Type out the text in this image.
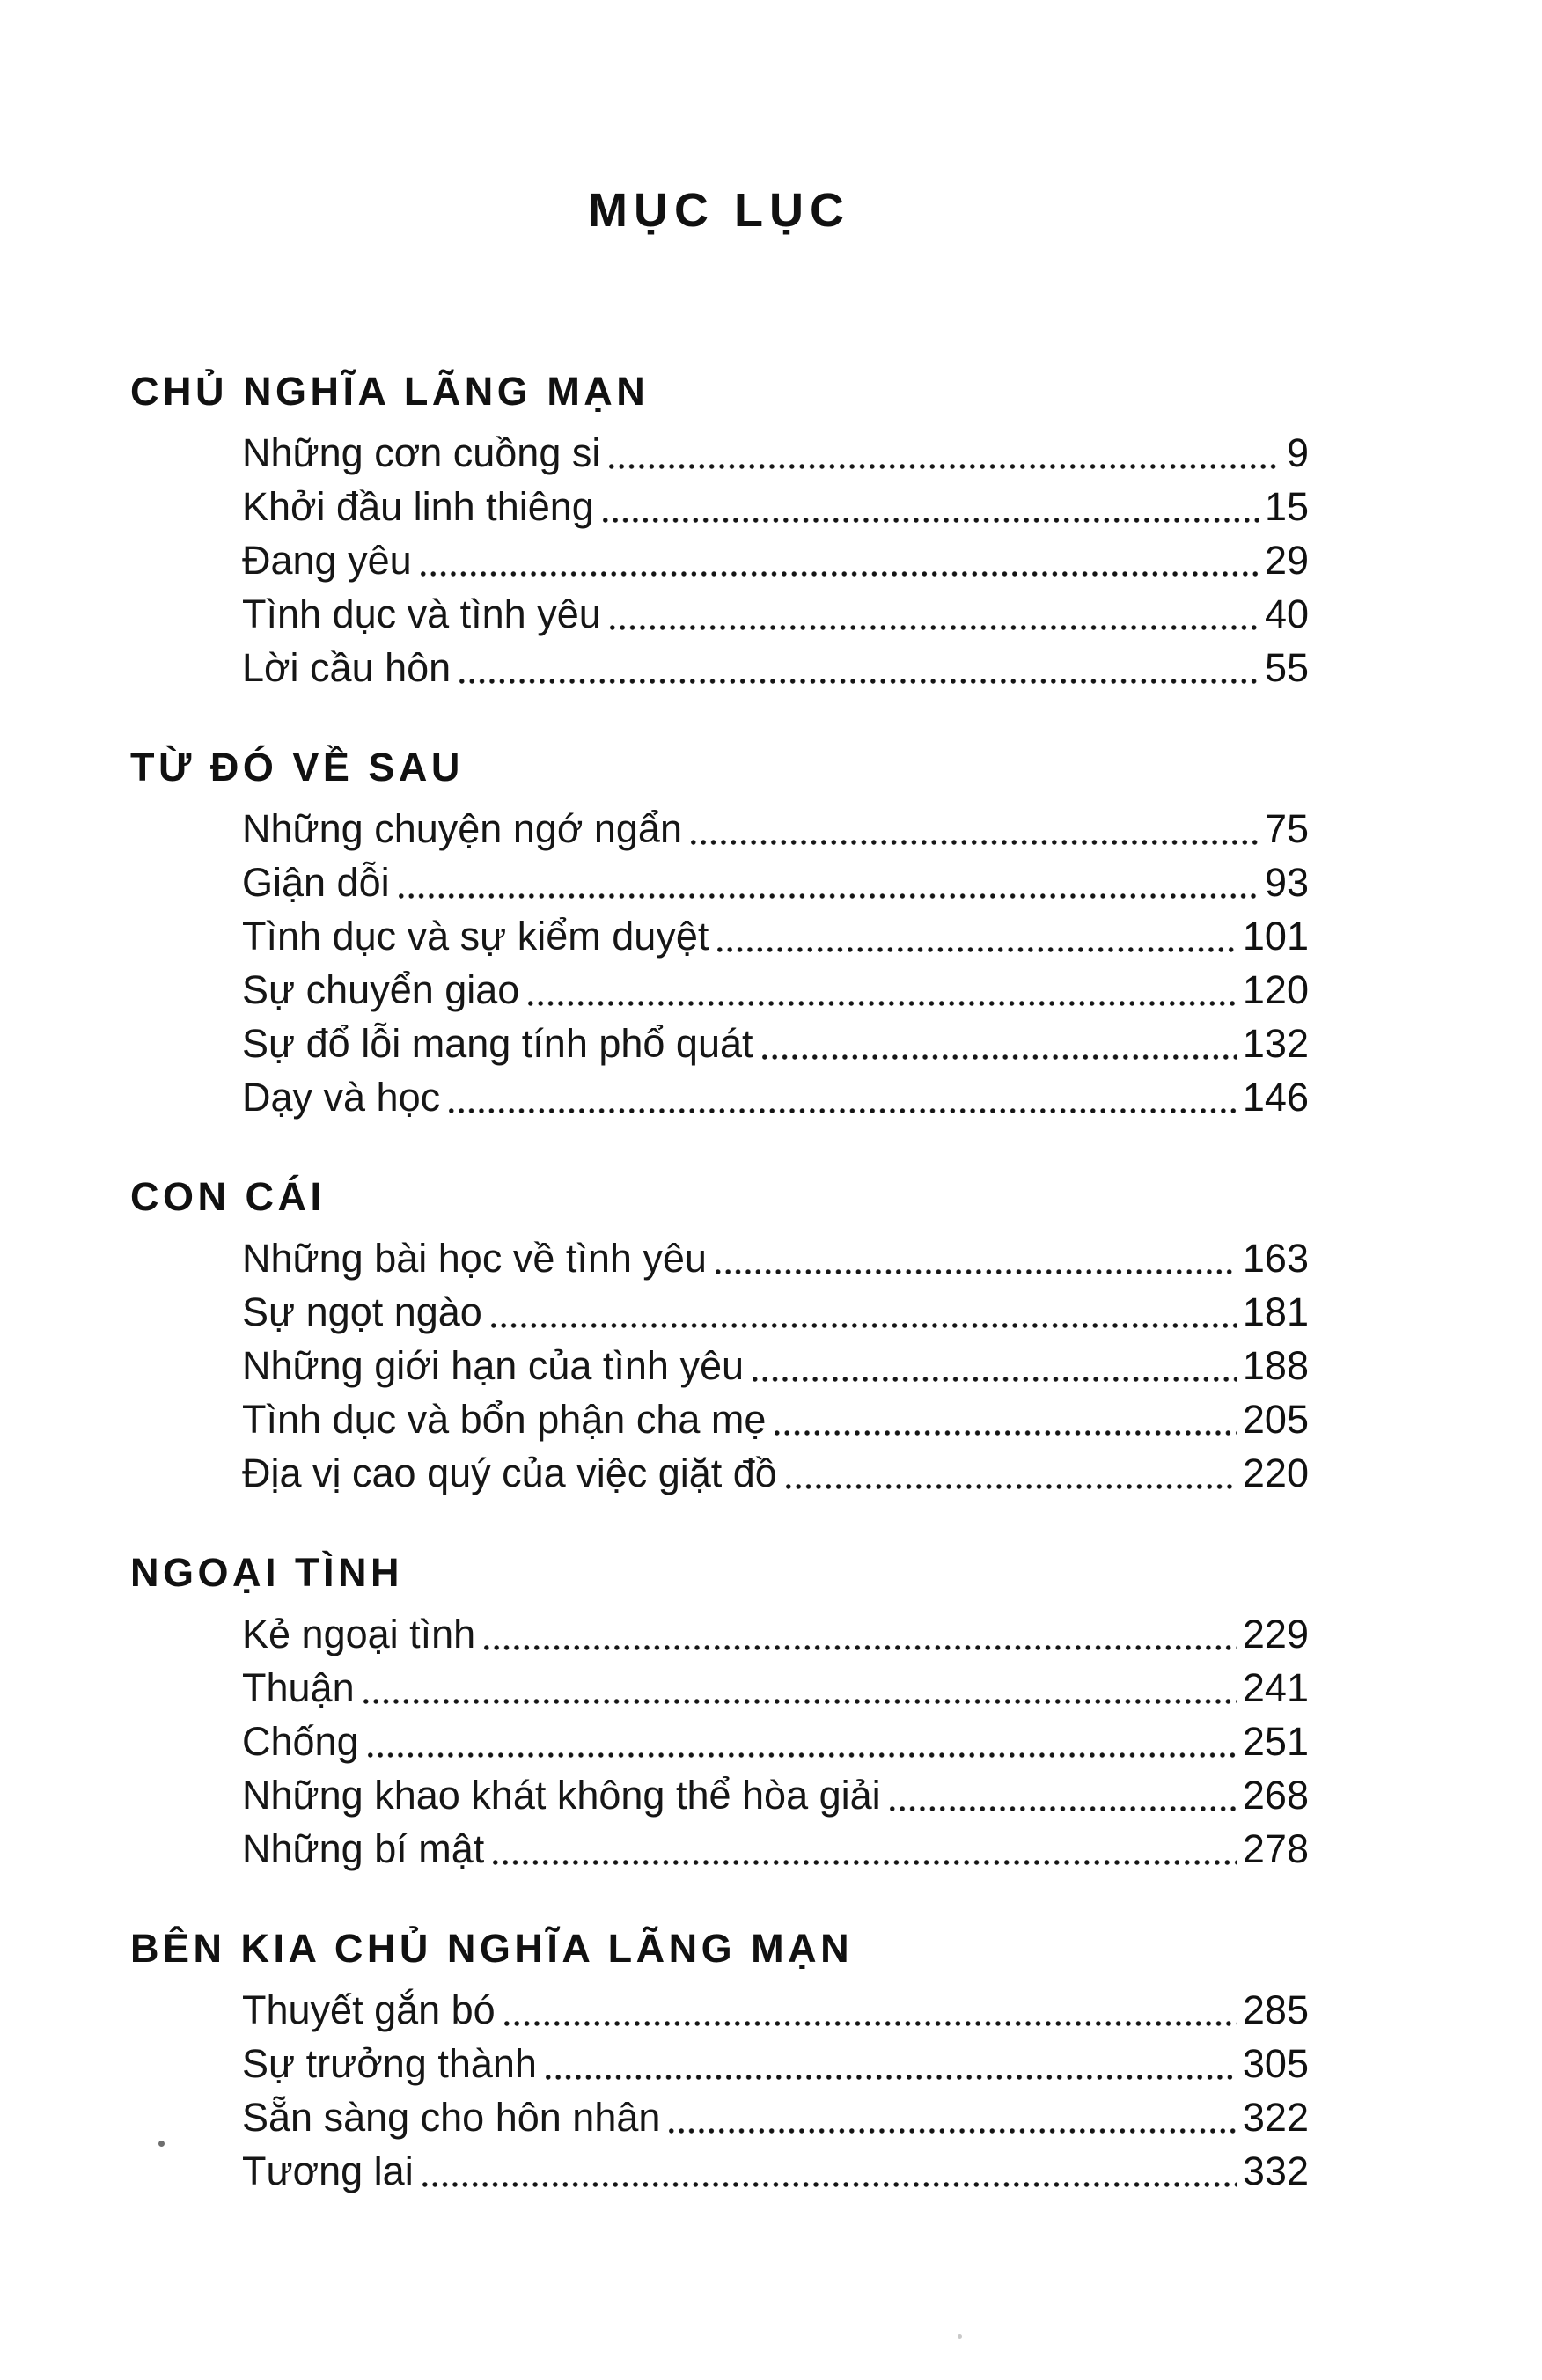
MỤC LỤC
CHỦ NGHĨA LÃNG MẠN
Những cơn cuồng si	9
Khởi đầu linh thiêng	15
Đang yêu	29
Tình dục và tình yêu	40
Lời cầu hôn	55
TỪ ĐÓ VỀ SAU
Những chuyện ngớ ngẩn	75
Giận dỗi	93
Tình dục và sự kiểm duyệt	101
Sự chuyển giao	120
Sự đổ lỗi mang tính phổ quát	132
Dạy và học	146
CON CÁI
Những bài học về tình yêu	163
Sự ngọt ngào	181
Những giới hạn của tình yêu	188
Tình dục và bổn phận cha mẹ	205
Địa vị cao quý của việc giặt đồ	220
NGOẠI TÌNH
Kẻ ngoại tình	229
Thuận	241
Chống	251
Những khao khát không thể hòa giải	268
Những bí mật	278
BÊN KIA CHỦ NGHĨA LÃNG MẠN
Thuyết gắn bó	285
Sự trưởng thành	305
Sẵn sàng cho hôn nhân	322
Tương lai	332
